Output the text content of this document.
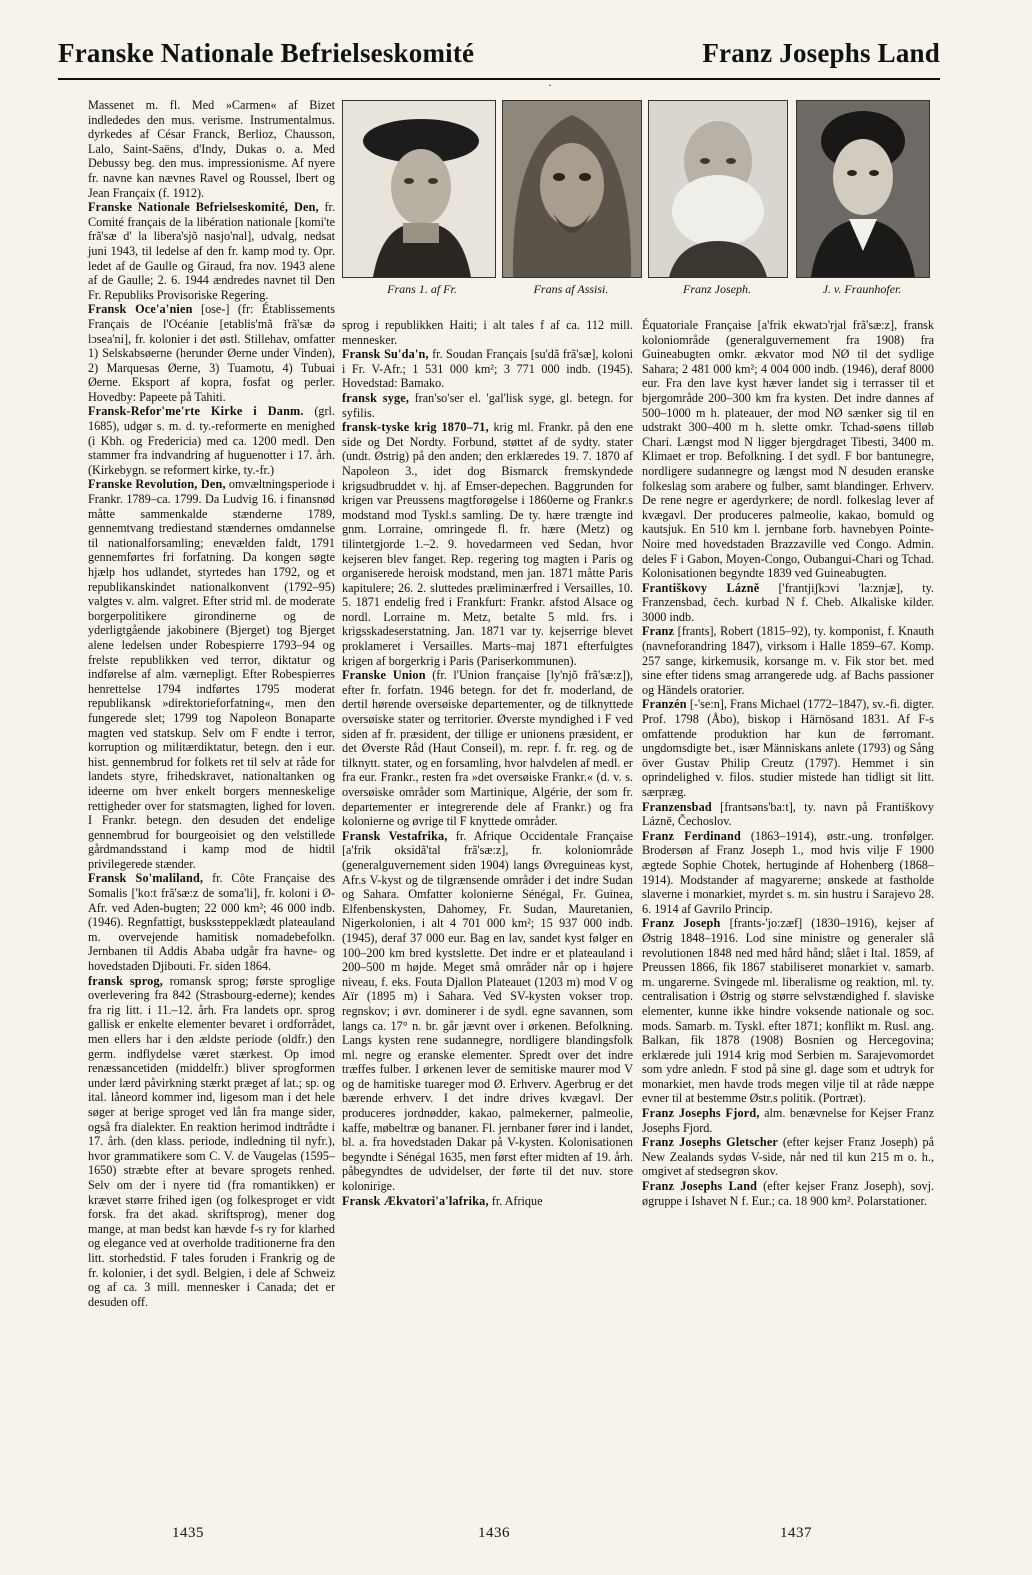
Franske Nationale Befrielseskomité	Franz Josephs Land
·
Frans 1. af Fr.	Frans af Assisi.	Franz Joseph.	J. v. Fraunhofer.

Massenet m. fl. Med »Carmen« af Bizet indlededes den mus. verisme. Instrumentalmus. dyrkedes af César Franck, Berlioz, Chausson, Lalo, Saint-Saëns, d'Indy, Dukas o. a. Med Debussy beg. den mus. impressionisme. Af nyere fr. navne kan nævnes Ravel og Roussel, Ibert og Jean Françaix (f. 1912).

Franske Nationale Befrielseskomité, Den, fr. Comité français de la libération nationale [komi'te frã'sæ d' la libera'sjõ nasjo'nal], udvalg, nedsat juni 1943, til ledelse af den fr. kamp mod ty. Opr. ledet af de Gaulle og Giraud, fra nov. 1943 alene af de Gaulle; 2. 6. 1944 ændredes navnet til Den Fr. Republiks Provisoriske Regering.

Fransk Oce'a'nien [ose-] (fr: Établissements Français de l'Océanie [etablis'mã frã'sæ də lɔsea'ni], fr. kolonier i det østl. Stillehav, omfatter 1) Selskabsøerne (herunder Øerne under Vinden), 2) Marquesas Øerne, 3) Tuamotu, 4) Tubuai Øerne. Eksport af kopra, fosfat og perler. Hovedby: Papeete på Tahiti.

Fransk-Refor'me'rte Kirke i Danm. (grl. 1685), udgør s. m. d. ty.-reformerte en menighed (i Kbh. og Fredericia) med ca. 1200 medl. Den stammer fra indvandring af huguenotter i 17. årh. (Kirkebygn. se reformert kirke, ty.-fr.)

Franske Revolution, Den, omvæltningsperiode i Frankr. 1789–ca. 1799. Da Ludvig 16. i finansnød måtte sammenkalde stænderne 1789, gennemtvang trediestand stændernes omdannelse til nationalforsamling; enevælden faldt, 1791 gennemførtes fri forfatning. Da kongen søgte hjælp hos udlandet, styrtedes han 1792, og et republikanskindet nationalkonvent (1792–95) valgtes v. alm. valgret. Efter strid ml. de moderate borgerpolitikere girondinerne og de yderligtgående jakobinere (Bjerget) tog Bjerget alene ledelsen under Robespierre 1793–94 og frelste republikken ved terror, diktatur og indførelse af alm. værnepligt. Efter Robespierres henrettelse 1794 indførtes 1795 moderat republikansk »direktorieforfatning«, men den fungerede slet; 1799 tog Napoleon Bonaparte magten ved statskup. Selv om F endte i terror, korruption og militærdiktatur, betegn. den i eur. hist. gennembrud for folkets ret til selv at råde for landets styre, frihedskravet, nationaltanken og ideerne om hver enkelt borgers menneskelige rettigheder over for statsmagten, lighed for loven. I Frankr. betegn. den desuden det endelige gennembrud for bourgeoisiet og den velstillede gårdmandsstand i kamp mod de hidtil privilegerede stænder.

Fransk So'maliland, fr. Côte Française des Somalis ['ko:t frã'sæ:z de soma'li], fr. koloni i Ø-Afr. ved Aden-bugten; 22 000 km²; 46 000 indb. (1946). Regnfattigt, buskssteppeklædt plateauland m. overvejende hamitisk nomadebefolkn. Jernbanen til Addis Ababa udgår fra havne- og hovedstaden Djibouti. Fr. siden 1864.

fransk sprog, romansk sprog; første sproglige overlevering fra 842 (Strasbourg-ederne); kendes fra rig litt. i 11.–12. årh. Fra landets opr. sprog gallisk er enkelte elementer bevaret i ordforrådet, men ellers har i den ældste periode (oldfr.) den germ. indflydelse været stærkest. Op imod renæssancetiden (middelfr.) bliver sprogformen under lærd påvirkning stærkt præget af lat.; sp. og ital. låneord kommer ind, ligesom man i det hele søger at berige sproget ved lån fra mange sider, også fra dialekter. En reaktion herimod indtrådte i 17. årh. (den klass. periode, indledning til nyfr.), hvor grammatikere som C. V. de Vaugelas (1595–1650) stræbte efter at bevare sprogets renhed. Selv om der i nyere tid (fra romantikken) er krævet større frihed igen (og folkesproget er vidt forsk. fra det akad. skriftsprog), mener dog mange, at man bedst kan hævde f-s ry for klarhed og elegance ved at overholde traditionerne fra den litt. storhedstid. F tales foruden i Frankrig og de fr. kolonier, i det sydl. Belgien, i dele af Schweiz og af ca. 3 mill. mennesker i Canada; det er desuden off.

sprog i republikken Haiti; i alt tales f af ca. 112 mill. mennesker.

Fransk Su'da'n, fr. Soudan Français [su'dã frã'sæ], koloni i Fr. V-Afr.; 1 531 000 km²; 3 771 000 indb. (1945). Hovedstad: Bamako.

fransk syge, fran'so'ser el. 'gal'lisk syge, gl. betegn. for syfilis.

fransk-tyske krig 1870–71, krig ml. Frankr. på den ene side og Det Nordty. Forbund, støttet af de sydty. stater (undt. Østrig) på den anden; den erklæredes 19. 7. 1870 af Napoleon 3., idet dog Bismarck fremskyndede krigsudbruddet v. hj. af Emser-depechen. Baggrunden for krigen var Preussens magtforøgelse i 1860erne og Frankr.s modstand mod Tyskl.s samling. De ty. hære trængte ind gnm. Lorraine, omringede fl. fr. hære (Metz) og tilintetgjorde 1.–2. 9. hovedarmeen ved Sedan, hvor kejseren blev fanget. Rep. regering tog magten i Paris og organiserede heroisk modstand, men jan. 1871 måtte Paris kapitulere; 26. 2. sluttedes præliminærfred i Versailles, 10. 5. 1871 endelig fred i Frankfurt: Frankr. afstod Alsace og nordl. Lorraine m. Metz, betalte 5 mld. frs. i krigsskadeserstatning. Jan. 1871 var ty. kejserrige blevet proklameret i Versailles. Marts–maj 1871 efterfulgtes krigen af borgerkrig i Paris (Pariserkommunen).

Franske Union (fr. l'Union française [ly'njõ frã'sæ:z]), efter fr. forfatn. 1946 betegn. for det fr. moderland, de dertil hørende oversøiske departementer, og de tilknyttede oversøiske stater og territorier. Øverste myndighed i F ved siden af fr. præsident, der tillige er unionens præsident, er det Øverste Råd (Haut Conseil), m. repr. f. fr. reg. og de tilknytt. stater, og en forsamling, hvor halvdelen af medl. er fra eur. Frankr., resten fra »det oversøiske Frankr.« (d. v. s. oversøiske områder som Martinique, Algérie, der som fr. departementer er integrerende dele af Frankr.) og fra kolonierne og øvrige til F knyttede områder.

Fransk Vestafrika, fr. Afrique Occidentale Française [a'frik oksidã'tal frã'sæ:z], fr. koloniområde (generalguvernement siden 1904) langs Øvreguineas kyst, Afr.s V-kyst og de tilgrænsende områder i det indre Sudan og Sahara. Omfatter kolonierne Sénégal, Fr. Guinea, Elfenbenskysten, Dahomey, Fr. Sudan, Mauretanien, Nigerkolonien, i alt 4 701 000 km²; 15 937 000 indb. (1945), deraf 37 000 eur. Bag en lav, sandet kyst følger en 100–200 km bred kystslette. Det indre er et plateauland i 200–500 m højde. Meget små områder når op i højere niveau, f. eks. Fouta Djallon Plateauet (1203 m) mod V og Aïr (1895 m) i Sahara. Ved SV-kysten vokser trop. regnskov; i øvr. dominerer i de sydl. egne savannen, som langs ca. 17° n. br. går jævnt over i ørkenen. Befolkning. Langs kysten rene sudannegre, nordligere blandingsfolk ml. negre og eranske elementer. Spredt over det indre træffes fulber. I ørkenen lever de semitiske maurer mod V og de hamitiske tuareger mod Ø. Erhverv. Agerbrug er det bærende erhverv. I det indre drives kvægavl. Der produceres jordnødder, kakao, palmekerner, palmeolie, kaffe, møbeltræ og bananer. Fl. jernbaner fører ind i landet, bl. a. fra hovedstaden Dakar på V-kysten. Kolonisationen begyndte i Sénégal 1635, men først efter midten af 19. årh. påbegyndtes de udvidelser, der førte til det nuv. store kolonirige.

Fransk Ækvatori'a'lafrika, fr. Afrique

Équatoriale Française [a'frik ekwatɔ'rjal frã'sæ:z], fransk koloniområde (generalguvernement fra 1908) fra Guineabugten omkr. ækvator mod NØ til det sydlige Sahara; 2 481 000 km²; 4 004 000 indb. (1946), deraf 8000 eur. Fra den lave kyst hæver landet sig i terrasser til et bjergområde 200–300 km fra kysten. Det indre dannes af 500–1000 m h. plateauer, der mod NØ sænker sig til en udstrakt 300–400 m h. slette omkr. Tchad-søens tilløb Chari. Længst mod N ligger bjergdraget Tibesti, 3400 m. Klimaet er trop. Befolkning. I det sydl. F bor bantunegre, nordligere sudannegre og længst mod N desuden eranske folkeslag som arabere og fulber, samt blandinger. Erhverv. De rene negre er agerdyrkere; de nordl. folkeslag lever af kvægavl. Der produceres palmeolie, kakao, bomuld og kautsjuk. En 510 km l. jernbane forb. havnebyen Pointe-Noire med hovedstaden Brazzaville ved Congo. Admin. deles F i Gabon, Moyen-Congo, Oubangui-Chari og Tchad. Kolonisationen begyndte 1839 ved Guineabugten.

Františkovy Lázně ['frantjiʃkɔvi 'la:znjæ], ty. Franzensbad, čech. kurbad N f. Cheb. Alkaliske kilder. 3000 indb.

Franz [frants], Robert (1815–92), ty. komponist, f. Knauth (navneforandring 1847), virksom i Halle 1859–67. Komp. 257 sange, kirkemusik, korsange m. v. Fik stor bet. med sine efter tidens smag arrangerede udg. af Bachs passioner og Händels oratorier.

Franzén [-'se:n], Frans Michael (1772–1847), sv.-fi. digter. Prof. 1798 (Åbo), biskop i Härnösand 1831. Af F-s omfattende produktion har kun de førromant. ungdomsdigte bet., især Människans anlete (1793) og Sång över Gustav Philip Creutz (1797). Hemmet i sin oprindelighed v. filos. studier mistede han tidligt sit litt. særpræg.

Franzensbad [frantsəns'ba:t], ty. navn på Františkovy Lázně, Čechoslov.

Franz Ferdinand (1863–1914), østr.-ung. tronfølger. Brodersøn af Franz Joseph 1., mod hvis vilje F 1900 ægtede Sophie Chotek, hertuginde af Hohenberg (1868–1914). Modstander af magyarerne; ønskede at fastholde slaverne i monarkiet, myrdet s. m. sin hustru i Sarajevo 28. 6. 1914 af Gavrilo Princip.

Franz Joseph [frants-'jo:zæf] (1830–1916), kejser af Østrig 1848–1916. Lod sine ministre og generaler slå revolutionen 1848 ned med hård hånd; slået i Ital. 1859, af Preussen 1866, fik 1867 stabiliseret monarkiet v. samarb. m. ungarerne. Svingede ml. liberalisme og reaktion, ml. ty. centralisation i Østrig og større selvstændighed f. slaviske elementer, kunne ikke hindre voksende nationale og soc. mods. Samarb. m. Tyskl. efter 1871; konflikt m. Rusl. ang. Balkan, fik 1878 (1908) Bosnien og Hercegovina; erklærede juli 1914 krig mod Serbien m. Sarajevomordet som ydre anledn. F stod på sine gl. dage som et udtryk for monarkiet, men havde trods megen vilje til at råde næppe evner til at bestemme Østr.s politik. (Portræt).

Franz Josephs Fjord, alm. benævnelse for Kejser Franz Josephs Fjord.

Franz Josephs Gletscher (efter kejser Franz Joseph) på New Zealands sydøs V-side, når ned til kun 215 m o. h., omgivet af stedsegrøn skov.

Franz Josephs Land (efter kejser Franz Joseph), sovj. øgruppe i Ishavet N f. Eur.; ca. 18 900 km². Polarstationer.

1435	1436	1437
